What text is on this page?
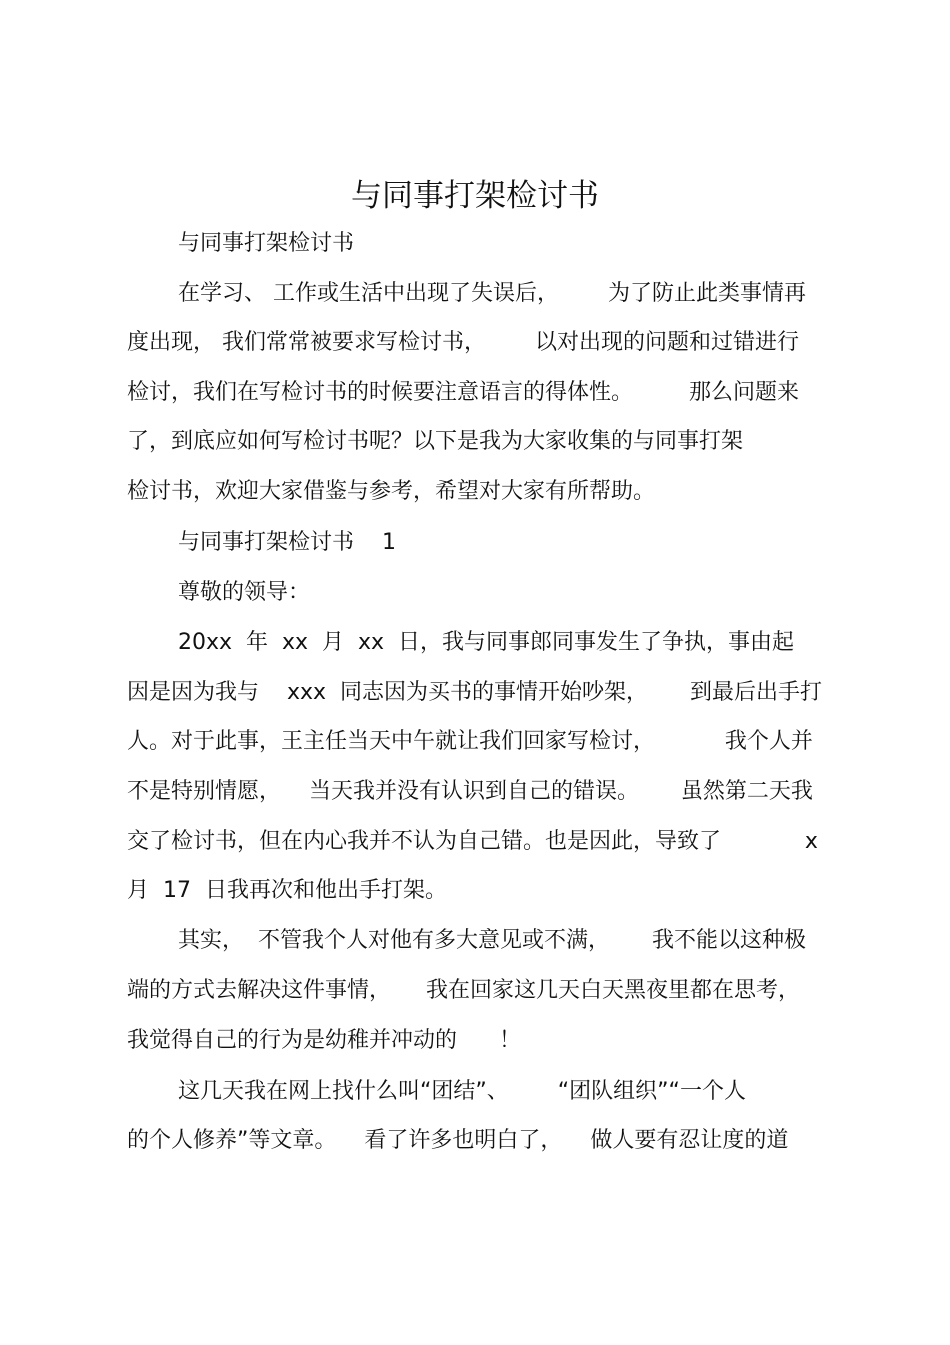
与同事打架检讨书
与同事打架检讨书
在学习、 工作或生活中出现了失误后，       为了防止此类事情再
度出现， 我们常常被要求写检讨书，       以对出现的问题和过错进行
检讨，我们在写检讨书的时候要注意语言的得体性。        那么问题来
了，到底应如何写检讨书呢？以下是我为大家收集的与同事打架
检讨书，欢迎大家借鉴与参考，希望对大家有所帮助。
与同事打架检讨书    1
尊敬的领导：
20xx  年  xx  月  xx  日，我与同事郎同事发生了争执，事由起
因是因为我与    xxx  同志因为买书的事情开始吵架，      到最后出手打
人。对于此事，王主任当天中午就让我们回家写检讨，          我个人并
不是特别情愿，    当天我并没有认识到自己的错误。      虽然第二天我
交了检讨书，但在内心我并不认为自己错。也是因此，导致了            x
月  17  日我再次和他出手打架。
其实，  不管我个人对他有多大意见或不满，      我不能以这种极
端的方式去解决这件事情，     我在回家这几天白天黑夜里都在思考，
我觉得自己的行为是幼稚并冲动的      ！
这几天我在网上找什么叫“团结”、       “团队组织”“一个人
的个人修养”等文章。    看了许多也明白了，    做人要有忍让度的道
